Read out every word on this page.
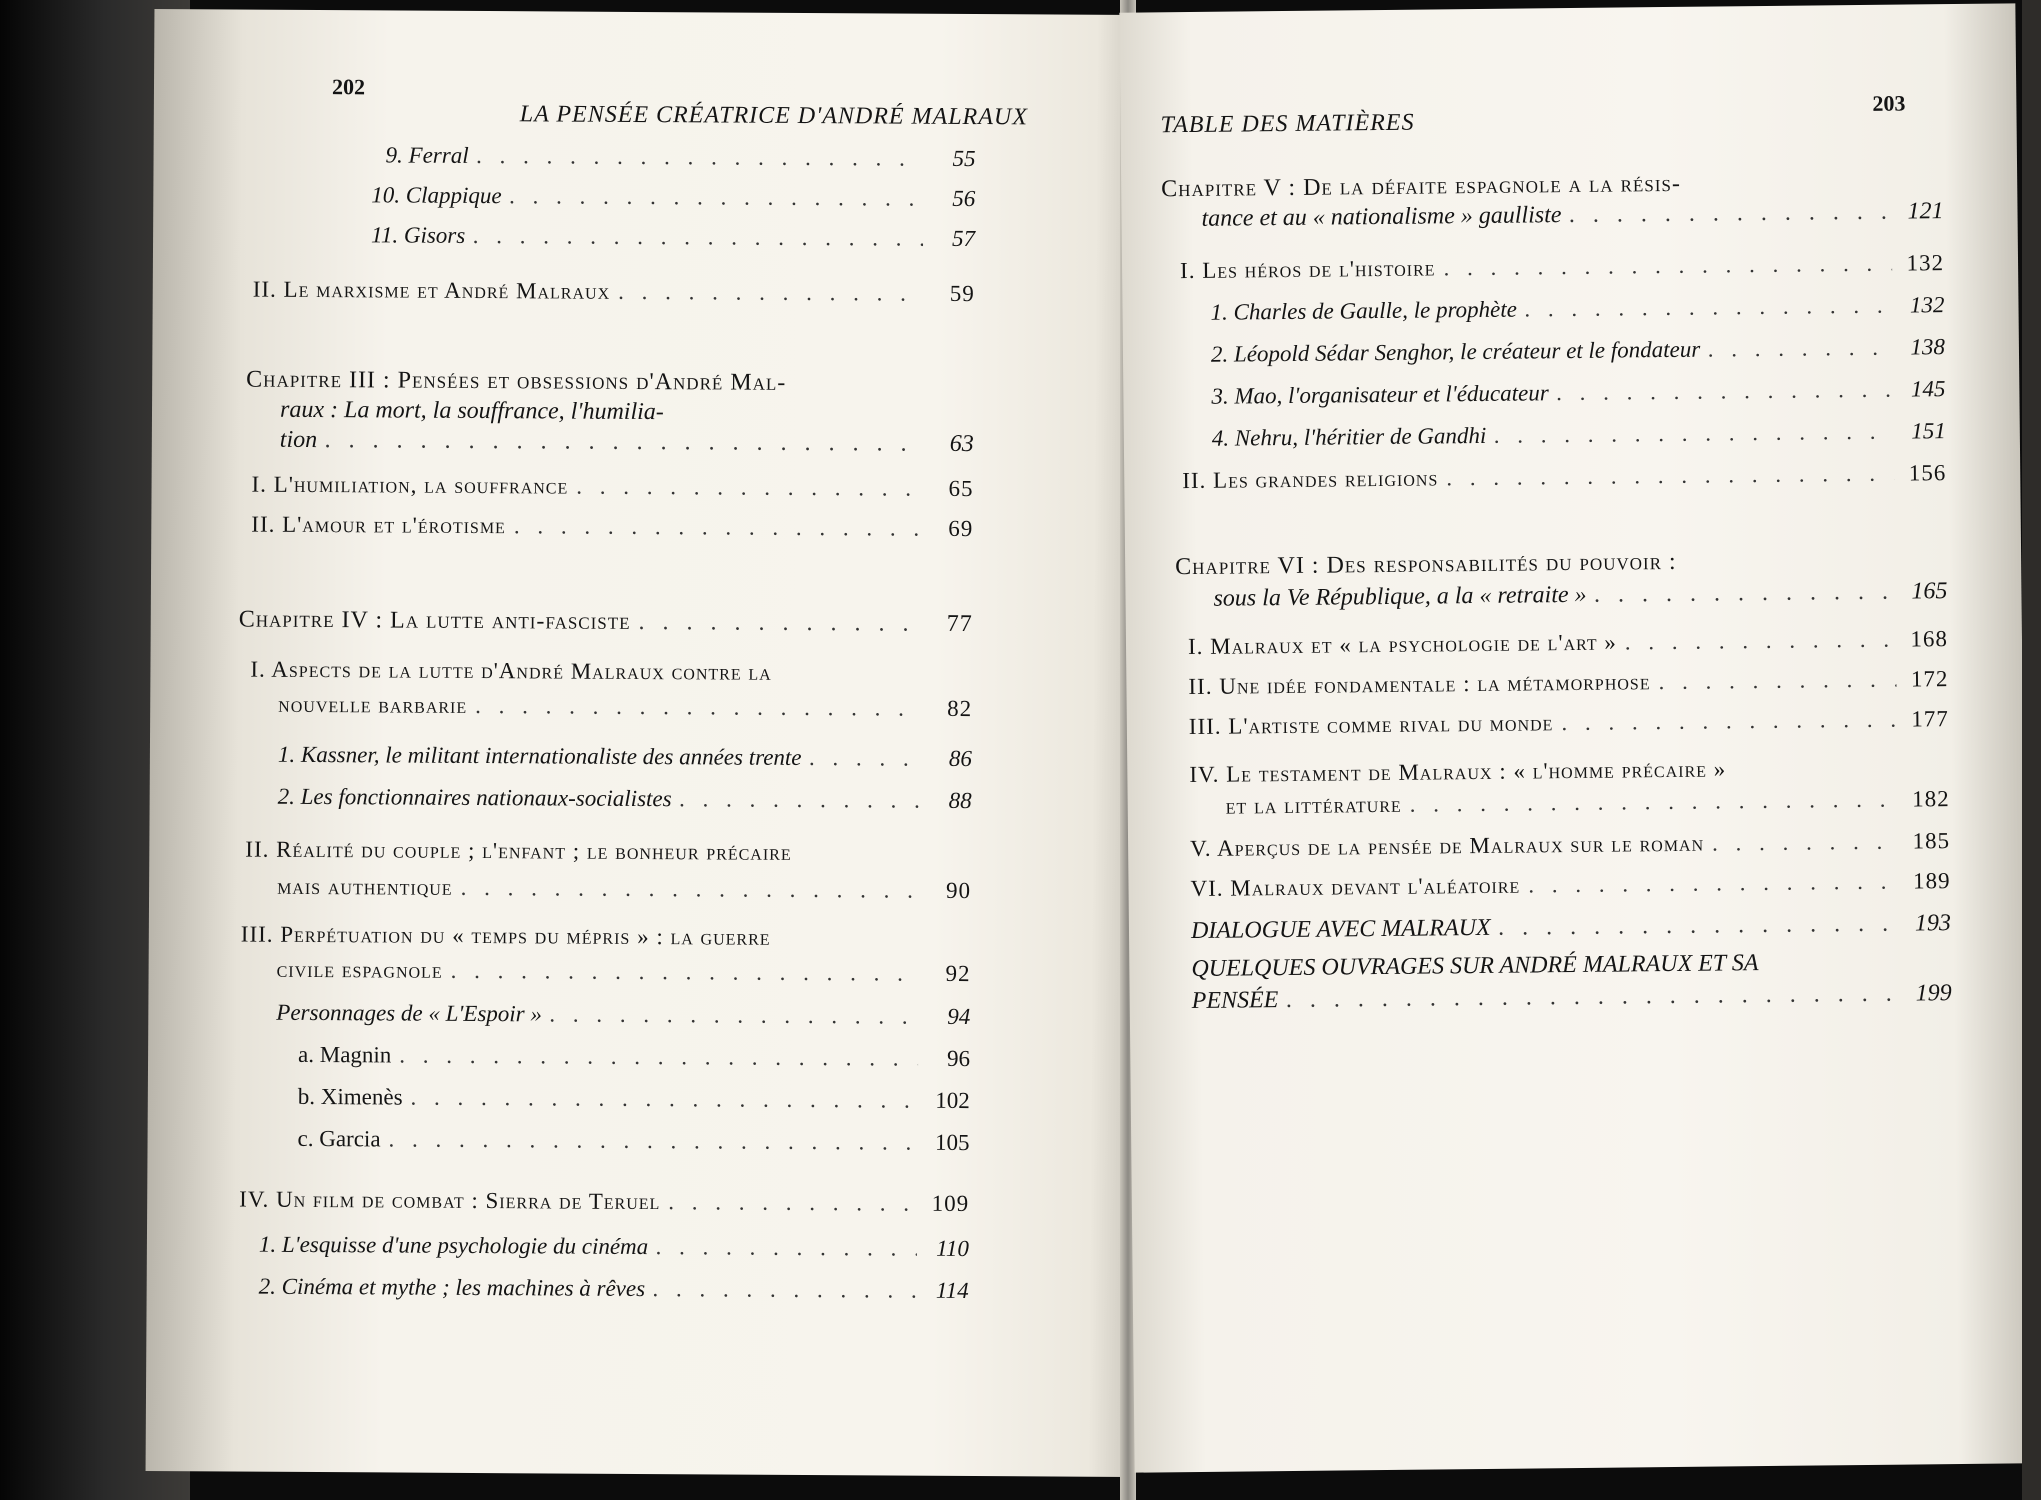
202
LA PENSÉE CRÉATRICE D'ANDRÉ MALRAUX
9. Ferral . . .	55
10. Clappique . . .	56
11. Gisors . . .	57
II. Le marxisme et André Malraux . . .	59
Chapitre III : Pensées et obsessions d'André Mal-
raux : La mort, la souffrance, l'humilia-
tion . . .	63
I. L'humiliation, la souffrance . . .	65
II. L'amour et l'érotisme . . .	69
Chapitre IV : La lutte anti-fasciste . . .	77
I. Aspects de la lutte d'André Malraux contre la
nouvelle barbarie . . .	82
1. Kassner, le militant internationaliste des années trente . . .	86
2. Les fonctionnaires nationaux-socialistes . . .	88
II. Réalité du couple ; l'enfant ; le bonheur précaire
mais authentique . . .	90
III. Perpétuation du « temps du mépris » : la guerre
civile espagnole . . .	92
Personnages de « L'Espoir » . . .	94
a. Magnin . . .	96
b. Ximenès . . .	102
c. Garcia . . .	105
IV. Un film de combat : Sierra de Teruel . . .	109
1. L'esquisse d'une psychologie du cinéma . . .	110
2. Cinéma et mythe ; les machines à rêves . . .	114
TABLE DES MATIÈRES
203
Chapitre V : De la défaite espagnole a la résis-
tance et au « nationalisme » gaulliste . . .	121
I. Les héros de l'histoire . . .	132
1. Charles de Gaulle, le prophète . . .	132
2. Léopold Sédar Senghor, le créateur et le fondateur . . .	138
3. Mao, l'organisateur et l'éducateur . . .	145
4. Nehru, l'héritier de Gandhi . . .	151
II. Les grandes religions . . .	156
Chapitre VI : Des responsabilités du pouvoir :
sous la Ve République, a la « retraite » . . .	165
I. Malraux et « la psychologie de l'art » . . .	168
II. Une idée fondamentale : la métamorphose . . .	172
III. L'artiste comme rival du monde . . .	177
IV. Le testament de Malraux : « l'homme précaire »
et la littérature . . .	182
V. Aperçus de la pensée de Malraux sur le roman . . .	185
VI. Malraux devant l'aléatoire . . .	189
DIALOGUE AVEC MALRAUX . . .	193
QUELQUES OUVRAGES SUR ANDRÉ MALRAUX ET SA
PENSÉE . . .	199
